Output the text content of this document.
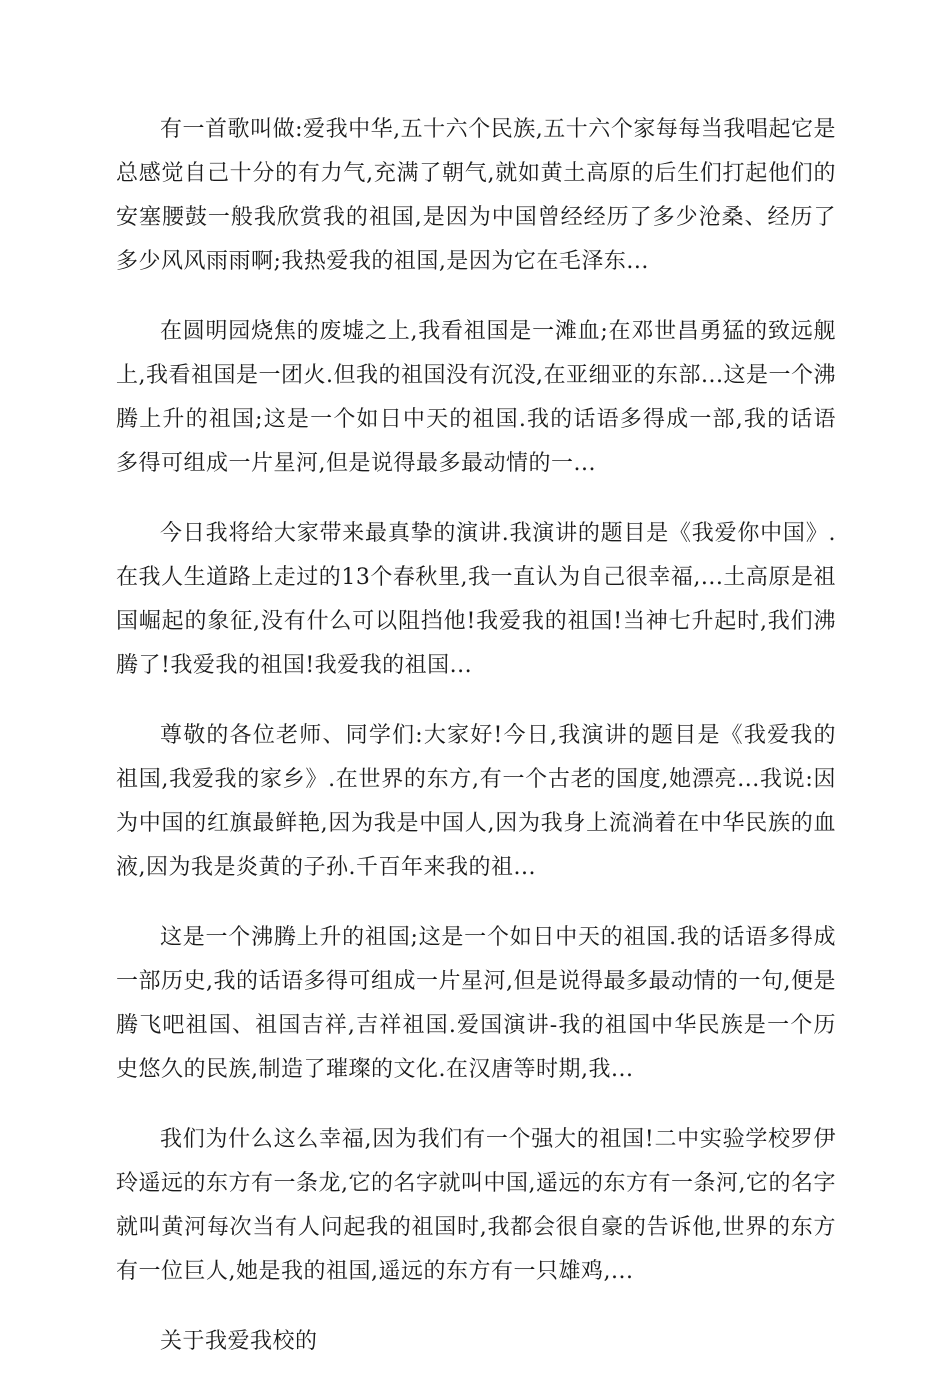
有一首歌叫做:爱我中华,五十六个民族,五十六个家每每当我唱起它是总感觉自己十分的有力气,充满了朝气,就如黄土高原的后生们打起他们的安塞腰鼓一般我欣赏我的祖国,是因为中国曾经经历了多少沧桑、经历了多少风风雨雨啊;我热爱我的祖国,是因为它在毛泽东...

在圆明园烧焦的废墟之上,我看祖国是一滩血;在邓世昌勇猛的致远舰上,我看祖国是一团火.但我的祖国没有沉没,在亚细亚的东部...这是一个沸腾上升的祖国;这是一个如日中天的祖国.我的话语多得成一部,我的话语多得可组成一片星河,但是说得最多最动情的一...

今日我将给大家带来最真挚的演讲.我演讲的题目是《我爱你中国》.在我人生道路上走过的13个春秋里,我一直认为自己很幸福,...土高原是祖国崛起的象征,没有什么可以阻挡他!我爱我的祖国!当神七升起时,我们沸腾了!我爱我的祖国!我爱我的祖国...

尊敬的各位老师、同学们:大家好!今日,我演讲的题目是《我爱我的祖国,我爱我的家乡》.在世界的东方,有一个古老的国度,她漂亮...我说:因为中国的红旗最鲜艳,因为我是中国人,因为我身上流淌着在中华民族的血液,因为我是炎黄的子孙.千百年来我的祖...

这是一个沸腾上升的祖国;这是一个如日中天的祖国.我的话语多得成一部历史,我的话语多得可组成一片星河,但是说得最多最动情的一句,便是腾飞吧祖国、祖国吉祥,吉祥祖国.爱国演讲-我的祖国中华民族是一个历史悠久的民族,制造了璀璨的文化.在汉唐等时期,我...

我们为什么这么幸福,因为我们有一个强大的祖国!二中实验学校罗伊玲遥远的东方有一条龙,它的名字就叫中国,遥远的东方有一条河,它的名字就叫黄河每次当有人问起我的祖国时,我都会很自豪的告诉他,世界的东方有一位巨人,她是我的祖国,遥远的东方有一只雄鸡,...

关于我爱我校的
